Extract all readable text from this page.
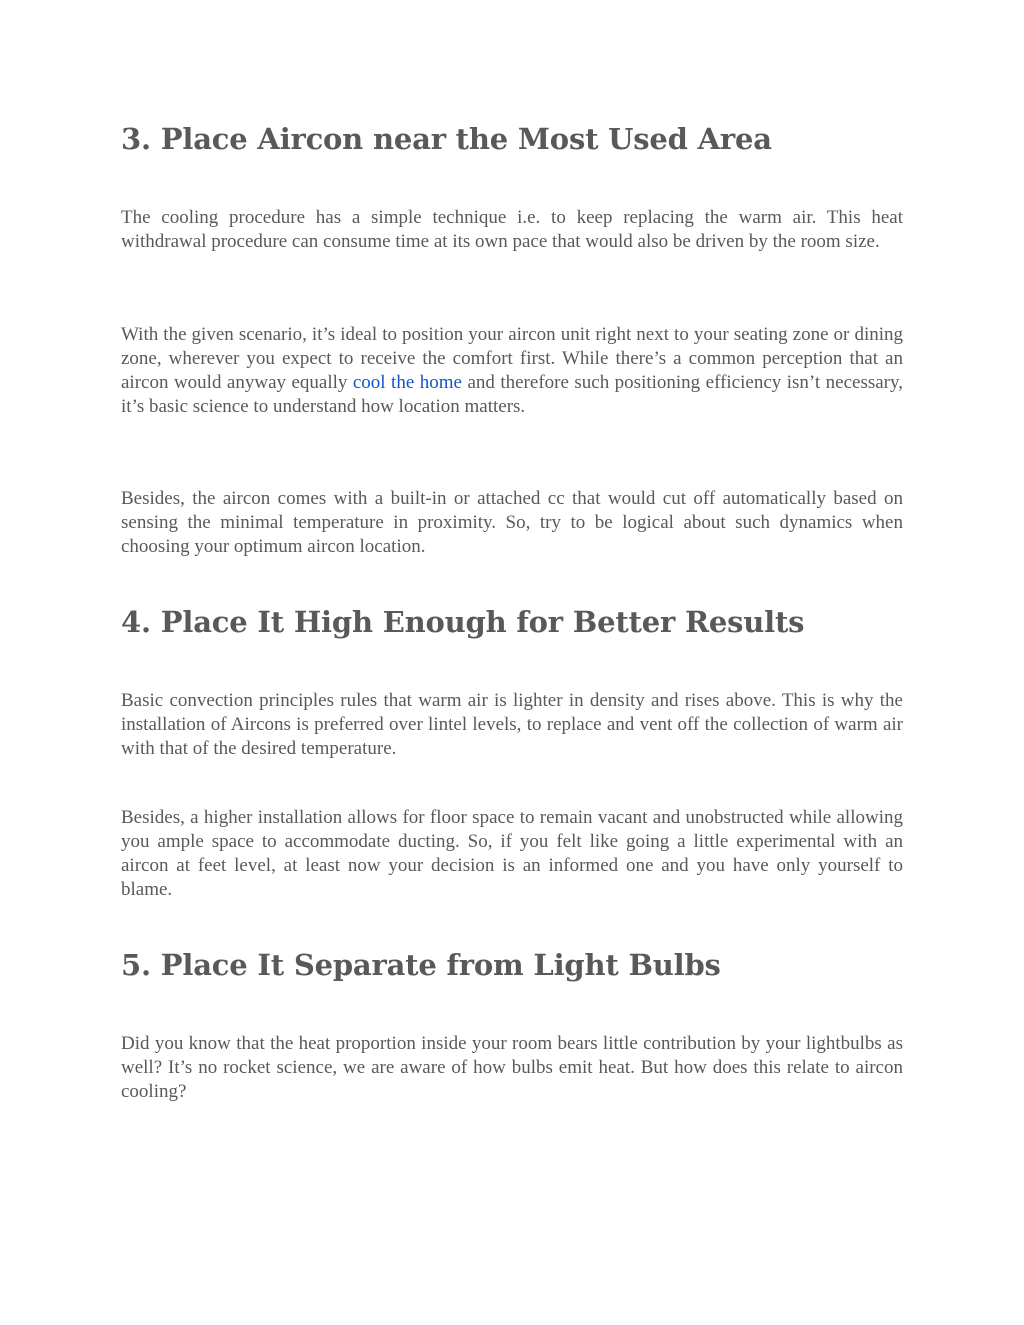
3. Place Aircon near the Most Used Area

The cooling procedure has a simple technique i.e. to keep replacing the warm air. This heat withdrawal procedure can consume time at its own pace that would also be driven by the room size.

With the given scenario, it’s ideal to position your aircon unit right next to your seating zone or dining zone, wherever you expect to receive the comfort first. While there’s a common perception that an aircon would anyway equally cool the home and therefore such positioning efficiency isn’t necessary, it’s basic science to understand how location matters.

Besides, the aircon comes with a built-in or attached cc that would cut off automatically based on sensing the minimal temperature in proximity. So, try to be logical about such dynamics when choosing your optimum aircon location.

4. Place It High Enough for Better Results

Basic convection principles rules that warm air is lighter in density and rises above. This is why the installation of Aircons is preferred over lintel levels, to replace and vent off the collection of warm air with that of the desired temperature.

Besides, a higher installation allows for floor space to remain vacant and unobstructed while allowing you ample space to accommodate ducting. So, if you felt like going a little experimental with an aircon at feet level, at least now your decision is an informed one and you have only yourself to blame.

5. Place It Separate from Light Bulbs

Did you know that the heat proportion inside your room bears little contribution by your lightbulbs as well? It’s no rocket science, we are aware of how bulbs emit heat. But how does this relate to aircon cooling?
